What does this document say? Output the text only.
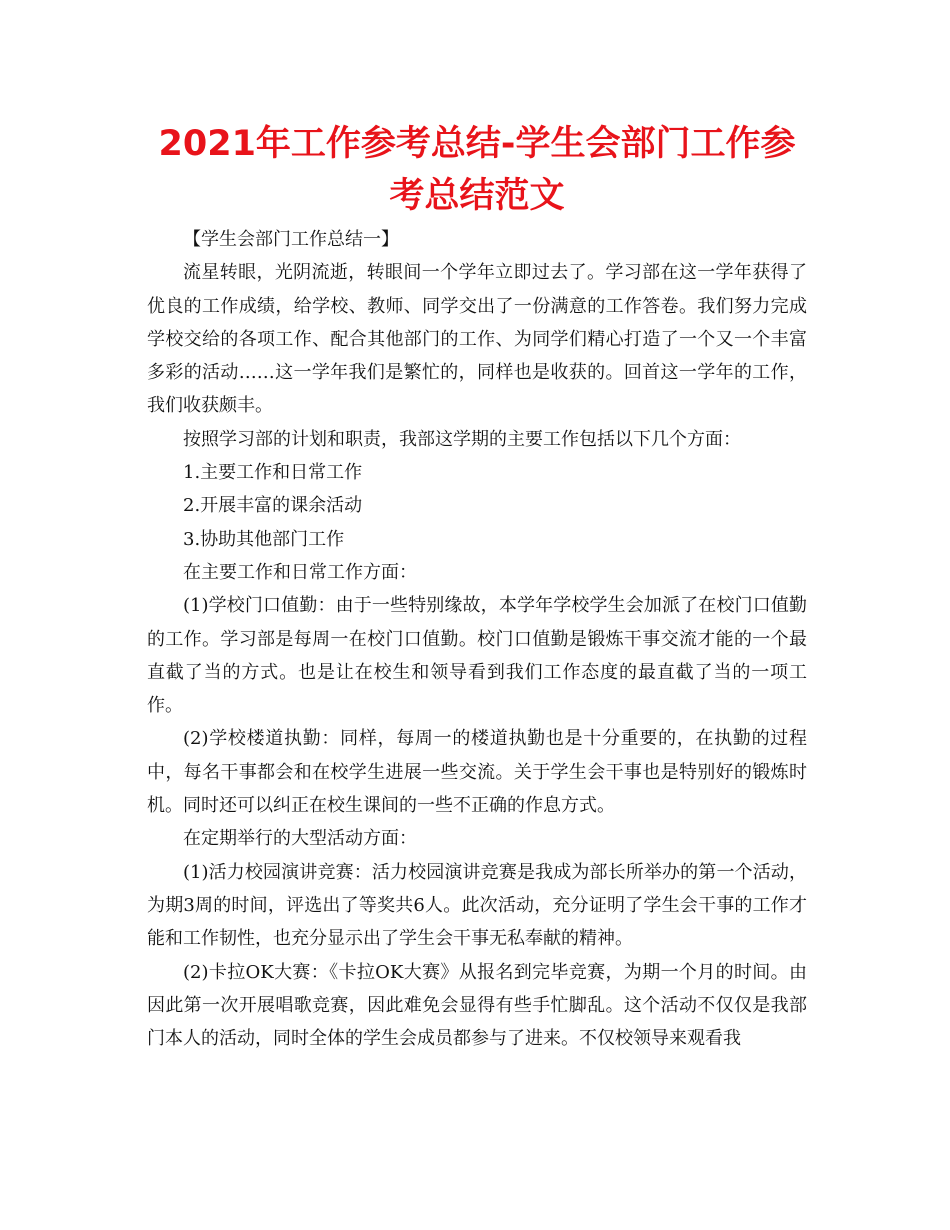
2021年工作参考总结-学生会部门工作参考总结范文

【学生会部门工作总结一】

流星转眼，光阴流逝，转眼间一个学年立即过去了。学习部在这一学年获得了优良的工作成绩，给学校、教师、同学交出了一份满意的工作答卷。我们努力完成学校交给的各项工作、配合其他部门的工作、为同学们精心打造了一个又一个丰富多彩的活动……这一学年我们是繁忙的，同样也是收获的。回首这一学年的工作，我们收获颇丰。

按照学习部的计划和职责，我部这学期的主要工作包括以下几个方面：

1.主要工作和日常工作

2.开展丰富的课余活动

3.协助其他部门工作

在主要工作和日常工作方面：

(1)学校门口值勤：由于一些特别缘故，本学年学校学生会加派了在校门口值勤的工作。学习部是每周一在校门口值勤。校门口值勤是锻炼干事交流才能的一个最直截了当的方式。也是让在校生和领导看到我们工作态度的最直截了当的一项工作。

(2)学校楼道执勤：同样，每周一的楼道执勤也是十分重要的，在执勤的过程中，每名干事都会和在校学生进展一些交流。关于学生会干事也是特别好的锻炼时机。同时还可以纠正在校生课间的一些不正确的作息方式。

在定期举行的大型活动方面：

(1)活力校园演讲竞赛：活力校园演讲竞赛是我成为部长所举办的第一个活动，为期3周的时间，评选出了等奖共6人。此次活动，充分证明了学生会干事的工作才能和工作韧性，也充分显示出了学生会干事无私奉献的精神。

(2)卡拉OK大赛：《卡拉OK大赛》从报名到完毕竞赛，为期一个月的时间。由因此第一次开展唱歌竞赛，因此难免会显得有些手忙脚乱。这个活动不仅仅是我部门本人的活动，同时全体的学生会成员都参与了进来。不仅校领导来观看我
